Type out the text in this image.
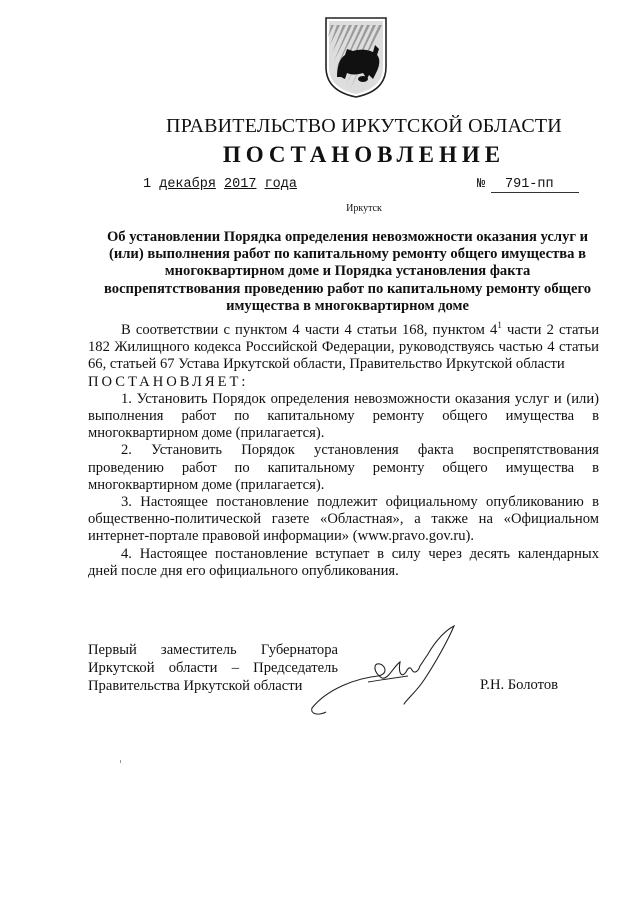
ПРАВИТЕЛЬСТВО ИРКУТСКОЙ ОБЛАСТИ
ПОСТАНОВЛЕНИЕ
1 декабря 2017 года	№ 791-пп
Иркутск
Об установлении Порядка определения невозможности оказания услуг и (или) выполнения работ по капитальному ремонту общего имущества в многоквартирном доме и Порядка установления факта воспрепятствования проведению работ по капитальному ремонту общего имущества в многоквартирном доме

В соответствии с пунктом 4 части 4 статьи 168, пунктом $4^1$ части 2 статьи 182 Жилищного кодекса Российской Федерации, руководствуясь частью 4 статьи 66, статьей 67 Устава Иркутской области, Правительство Иркутской области

ПОСТАНОВЛЯЕТ:

1. Установить Порядок определения невозможности оказания услуг и (или) выполнения работ по капитальному ремонту общего имущества в многоквартирном доме (прилагается).

2. Установить Порядок установления факта воспрепятствования проведению работ по капитальному ремонту общего имущества в многоквартирном доме (прилагается).

3. Настоящее постановление подлежит официальному опубликованию в общественно-политической газете «Областная», а также на «Официальном интернет-портале правовой информации» (www.pravo.gov.ru).

4. Настоящее постановление вступает в силу через десять календарных дней после дня его официального опубликования.

Первый заместитель Губернатора
Иркутской области – Председатель
Правительства Иркутской области	Р.Н. Болотов
